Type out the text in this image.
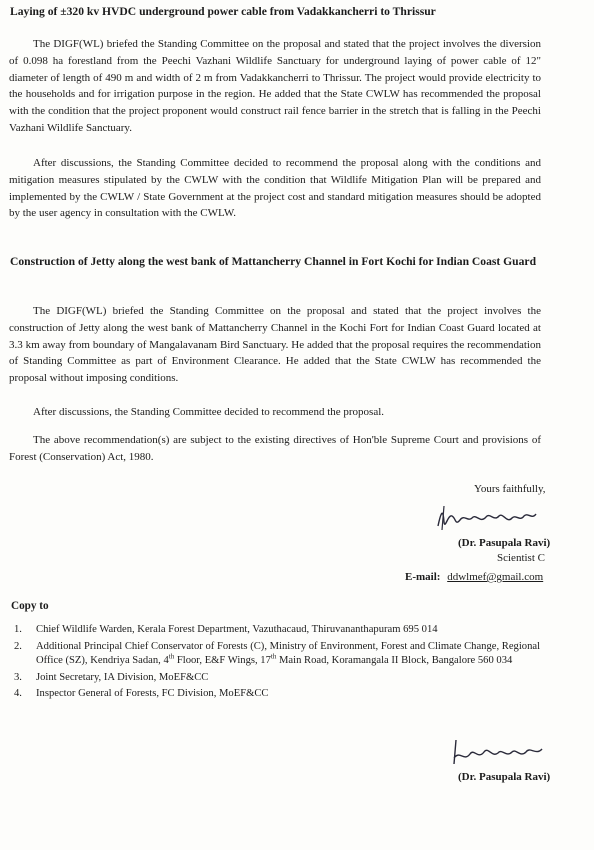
Laying of ±320 kv HVDC underground power cable from Vadakkancherri to Thrissur

The DIGF(WL) briefed the Standing Committee on the proposal and stated that the project involves the diversion of 0.098 ha forestland from the Peechi Vazhani Wildlife Sanctuary for underground laying of power cable of 12" diameter of length of 490 m and width of 2 m from Vadakkancherri to Thrissur. The project would provide electricity to the households and for irrigation purpose in the region. He added that the State CWLW has recommended the proposal with the condition that the project proponent would construct rail fence barrier in the stretch that is falling in the Peechi Vazhani Wildlife Sanctuary.

After discussions, the Standing Committee decided to recommend the proposal along with the conditions and mitigation measures stipulated by the CWLW with the condition that Wildlife Mitigation Plan will be prepared and implemented by the CWLW / State Government at the project cost and standard mitigation measures should be adopted by the user agency in consultation with the CWLW.

Construction of Jetty along the west bank of Mattancherry Channel in Fort Kochi for Indian Coast Guard

The DIGF(WL) briefed the Standing Committee on the proposal and stated that the project involves the construction of Jetty along the west bank of Mattancherry Channel in the Kochi Fort for Indian Coast Guard located at 3.3 km away from boundary of Mangalavanam Bird Sanctuary. He added that the proposal requires the recommendation of Standing Committee as part of Environment Clearance. He added that the State CWLW has recommended the proposal without imposing conditions.

After discussions, the Standing Committee decided to recommend the proposal.

The above recommendation(s) are subject to the existing directives of Hon'ble Supreme Court and provisions of Forest (Conservation) Act, 1980.

Yours faithfully,
(Dr. Pasupala Ravi)
Scientist C
E-mail: ddwlmef@gmail.com
Copy to
1. Chief Wildlife Warden, Kerala Forest Department, Vazuthacaud, Thiruvananthapuram 695 014
2. Additional Principal Chief Conservator of Forests (C), Ministry of Environment, Forest and Climate Change, Regional Office (SZ), Kendriya Sadan, 4th Floor, E&F Wings, 17th Main Road, Koramangala II Block, Bangalore 560 034
3. Joint Secretary, IA Division, MoEF&CC
4. Inspector General of Forests, FC Division, MoEF&CC
(Dr. Pasupala Ravi)
